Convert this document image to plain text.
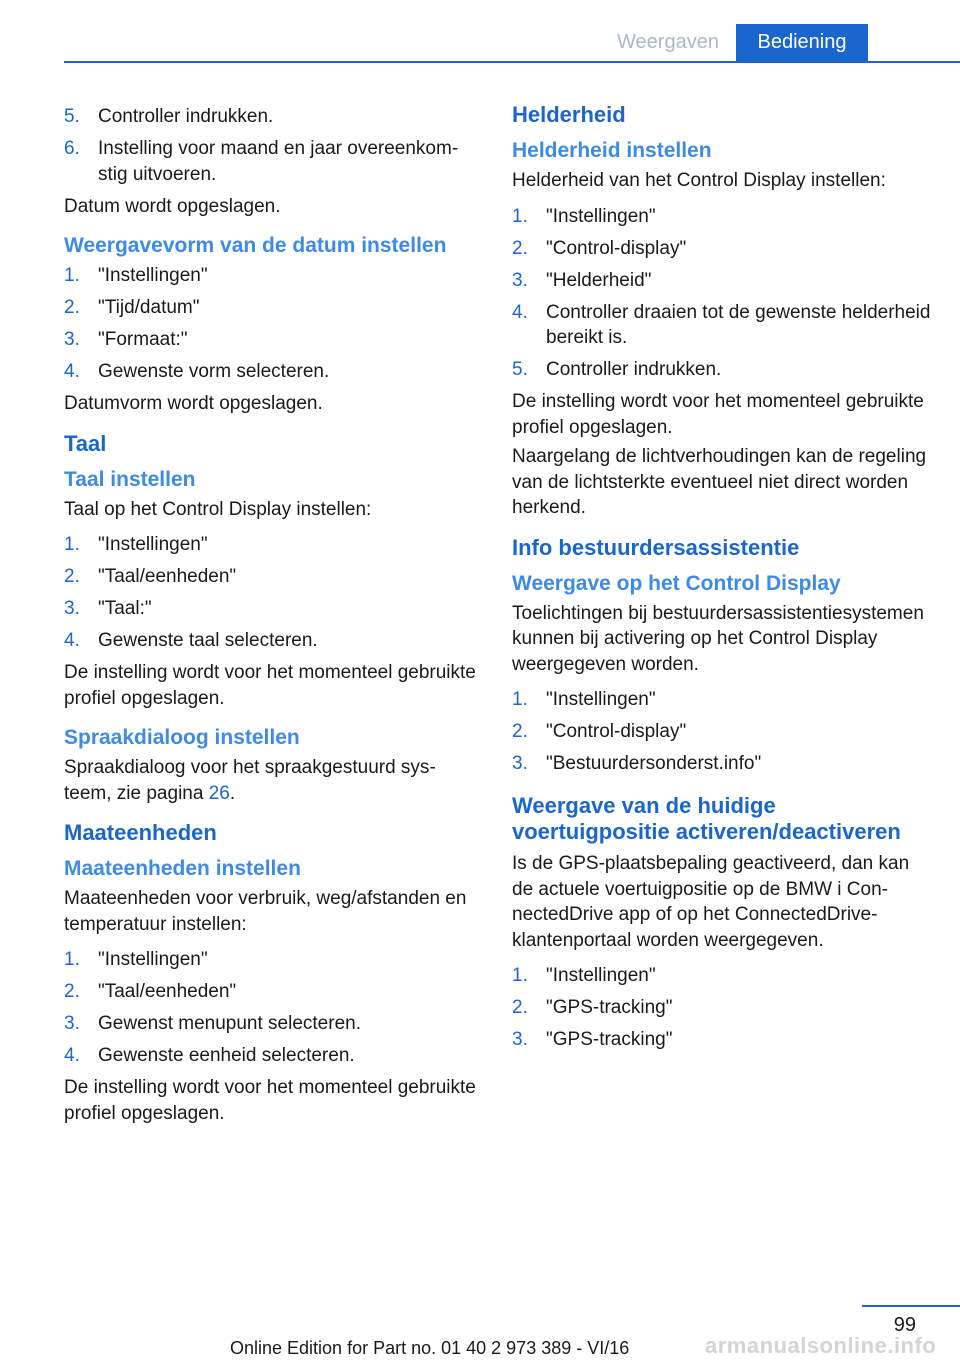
Weergaven	Bediening
5. Controller indrukken.
6. Instelling voor maand en jaar overeenkomstig uitvoeren.

Datum wordt opgeslagen.

Weergavevorm van de datum instellen

1. "Instellingen"
2. "Tijd/datum"
3. "Formaat:"
4. Gewenste vorm selecteren.

Datumvorm wordt opgeslagen.

Taal

Taal instellen

Taal op het Control Display instellen:

1. "Instellingen"
2. "Taal/eenheden"
3. "Taal:"
4. Gewenste taal selecteren.

De instelling wordt voor het momenteel gebruikte profiel opgeslagen.

Spraakdialoog instellen

Spraakdialoog voor het spraakgestuurd systeem, zie pagina 26.

Maateenheden

Maateenheden instellen

Maateenheden voor verbruik, weg/afstanden en temperatuur instellen:

1. "Instellingen"
2. "Taal/eenheden"
3. Gewenst menupunt selecteren.
4. Gewenste eenheid selecteren.

De instelling wordt voor het momenteel gebruikte profiel opgeslagen.

Helderheid

Helderheid instellen

Helderheid van het Control Display instellen:

1. "Instellingen"
2. "Control-display"
3. "Helderheid"
4. Controller draaien tot de gewenste helderheid bereikt is.
5. Controller indrukken.

De instelling wordt voor het momenteel gebruikte profiel opgeslagen.

Naargelang de lichtverhoudingen kan de regeling van de lichtsterkte eventueel niet direct worden herkend.

Info bestuurdersassistentie

Weergave op het Control Display

Toelichtingen bij bestuurdersassistentiesystemen kunnen bij activering op het Control Display weergegeven worden.

1. "Instellingen"
2. "Control-display"
3. "Bestuurdersonderst.info"

Weergave van de huidige voertuigpositie activeren/deactiveren

Is de GPS-plaatsbepaling geactiveerd, dan kan de actuele voertuigpositie op de BMW i ConnectedDrive app of op het ConnectedDrive-klantenportaal worden weergegeven.

1. "Instellingen"
2. "GPS-tracking"
3. "GPS-tracking"
99
Online Edition for Part no. 01 40 2 973 389 - VI/16	armanualsonline.info
